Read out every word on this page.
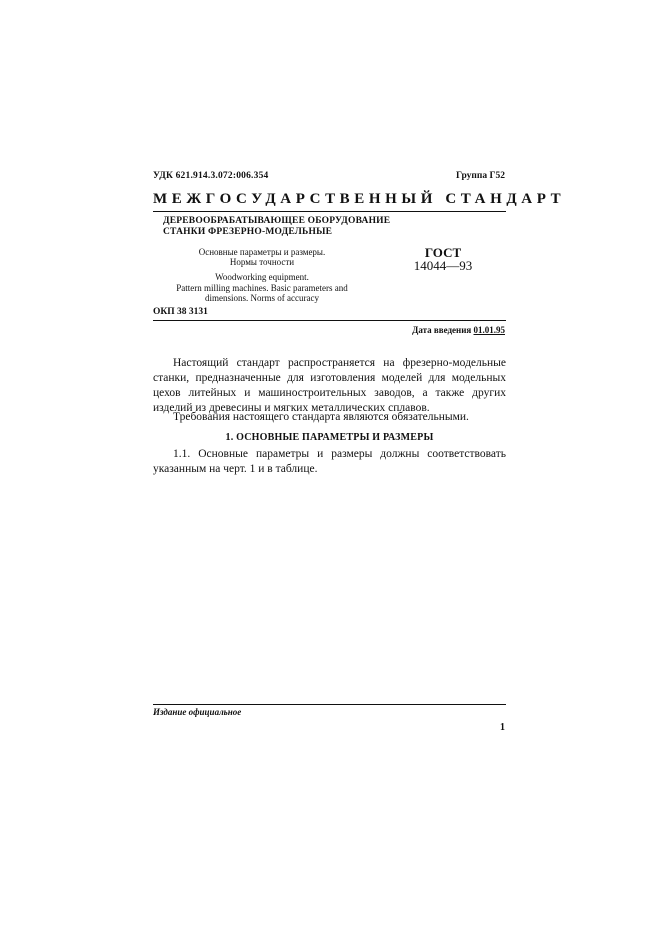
УДК 621.914.3.072:006.354	Группа Г52
МЕЖГОСУДАРСТВЕННЫЙ СТАНДАРТ
ДЕРЕВООБРАБАТЫВАЮЩЕЕ ОБОРУДОВАНИЕ
СТАНКИ ФРЕЗЕРНО-МОДЕЛЬНЫЕ
Основные параметры и размеры.
Нормы точности
ГОСТ
14044—93
Woodworking equipment.
Pattern milling machines. Basic parameters and
dimensions. Norms of accuracy
ОКП 38 3131
Дата введения 01.01.95
Настоящий стандарт распространяется на фрезерно-модельные
станки, предназначенные для изготовления моделей для модельных
цехов литейных и машиностроительных заводов, а также других
изделий из древесины и мягких металлических сплавов.
Требования настоящего стандарта являются обязательными.
1. ОСНОВНЫЕ ПАРАМЕТРЫ И РАЗМЕРЫ
1.1. Основные параметры и размеры должны соответствовать
указанным на черт. 1 и в таблице.
Издание официальное
1
